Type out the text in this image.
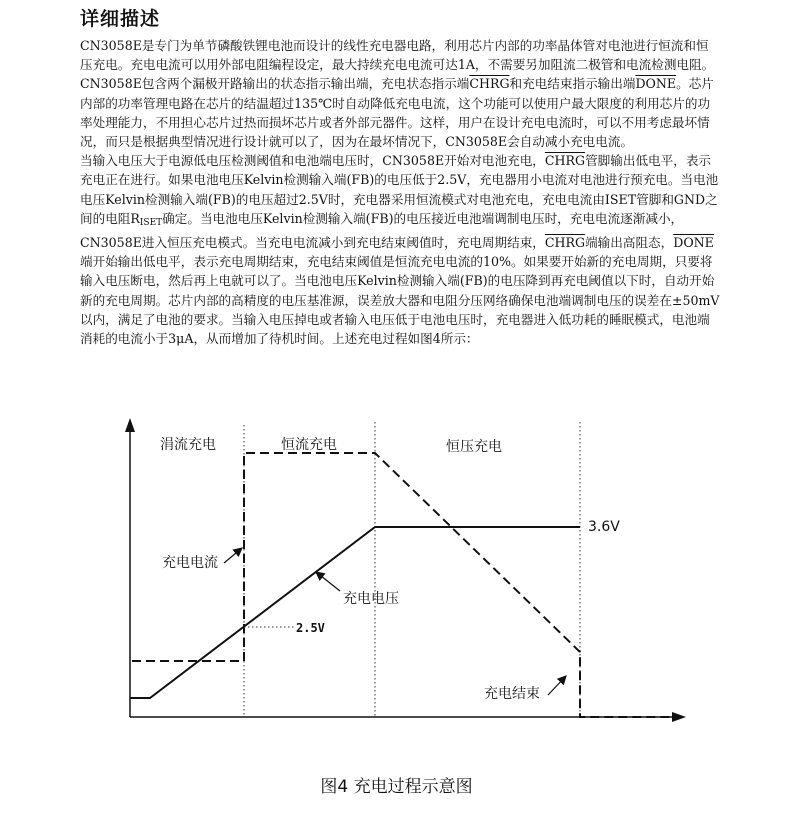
详细描述

CN3058E是专门为单节磷酸铁锂电池而设计的线性充电器电路，利用芯片内部的功率晶体管对电池进行恒流和恒压充电。充电电流可以用外部电阻编程设定，最大持续充电电流可达1A，不需要另加阻流二极管和电流检测电阻。CN3058E包含两个漏极开路输出的状态指示输出端，充电状态指示端CHRG和充电结束指示输出端DONE。芯片内部的功率管理电路在芯片的结温超过135℃时自动降低充电电流，这个功能可以使用户最大限度的利用芯片的功率处理能力，不用担心芯片过热而损坏芯片或者外部元器件。这样，用户在设计充电电流时，可以不用考虑最坏情况，而只是根据典型情况进行设计就可以了，因为在最坏情况下，CN3058E会自动减小充电电流。

当输入电压大于电源低电压检测阈值和电池端电压时，CN3058E开始对电池充电，CHRG管脚输出低电平，表示充电正在进行。如果电池电压Kelvin检测输入端(FB)的电压低于2.5V，充电器用小电流对电池进行预充电。当电池电压Kelvin检测输入端(FB)的电压超过2.5V时，充电器采用恒流模式对电池充电，充电电流由ISET管脚和GND之间的电阻$R_{ISET}$确定。当电池电压Kelvin检测输入端(FB)的电压接近电池端调制电压时，充电电流逐渐减小，CN3058E进入恒压充电模式。当充电电流减小到充电结束阈值时，充电周期结束，CHRG端输出高阻态，DONE端开始输出低电平，表示充电周期结束，充电结束阈值是恒流充电电流的10%。如果要开始新的充电周期，只要将输入电压断电，然后再上电就可以了。当电池电压Kelvin检测输入端(FB)的电压降到再充电阈值以下时，自动开始新的充电周期。芯片内部的高精度的电压基准源，误差放大器和电阻分压网络确保电池端调制电压的误差在±50mV以内，满足了电池的要求。当输入电压掉电或者输入电压低于电池电压时，充电器进入低功耗的睡眠模式，电池端消耗的电流小于3μA，从而增加了待机时间。上述充电过程如图4所示：

涓流充电	恒流充电	恒压充电
2.5V
3.6V
充电电流
充电电压
充电结束
图4 充电过程示意图
